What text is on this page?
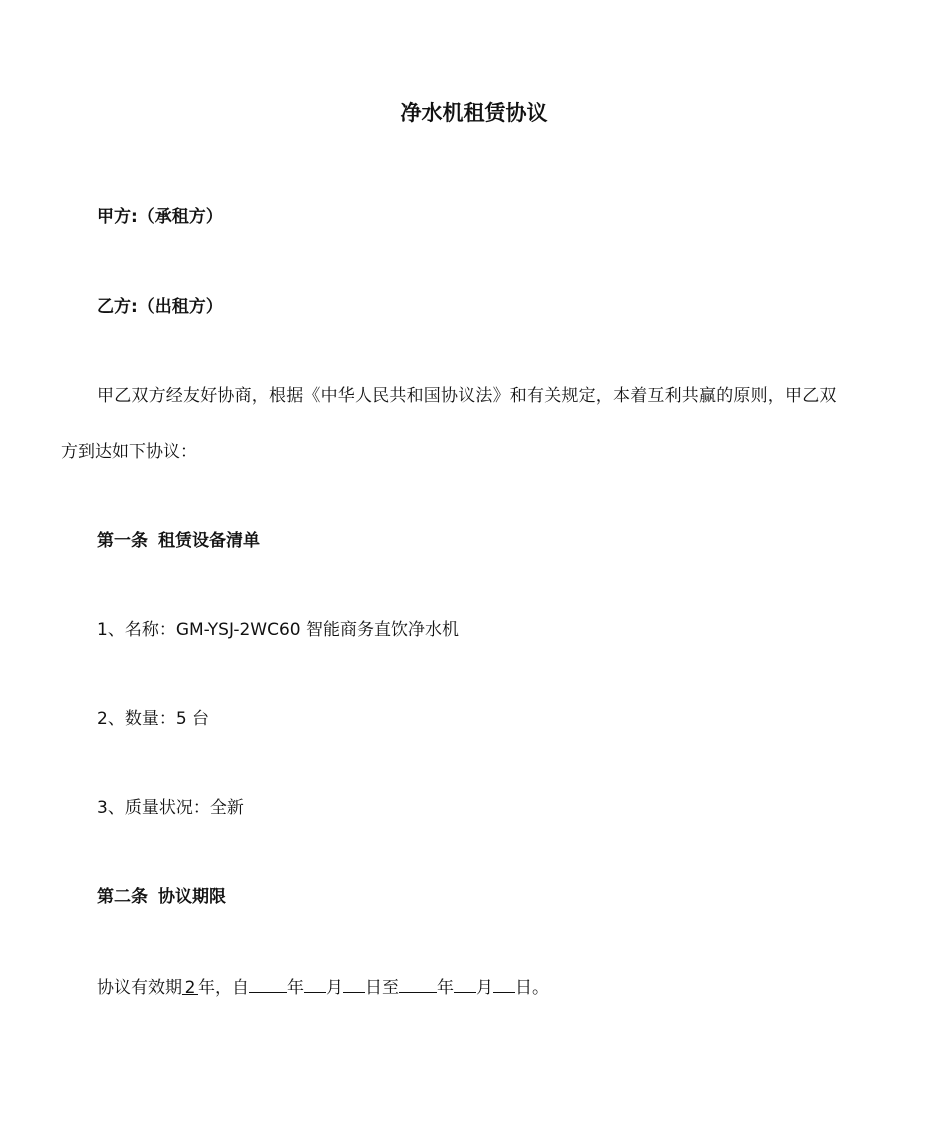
净水机租赁协议
甲方:（承租方）
乙方:（出租方）
甲乙双方经友好协商，根据《中华人民共和国协议法》和有关规定，本着互利共赢的原则，甲乙双
方到达如下协议：
第一条 租赁设备清单
1、名称：GM-YSJ-2WC60 智能商务直饮净水机
2、数量：5 台
3、质量状况：全新
第二条 协议期限
协议有效期 2 年，自 年 月 日至 年 月 日。
